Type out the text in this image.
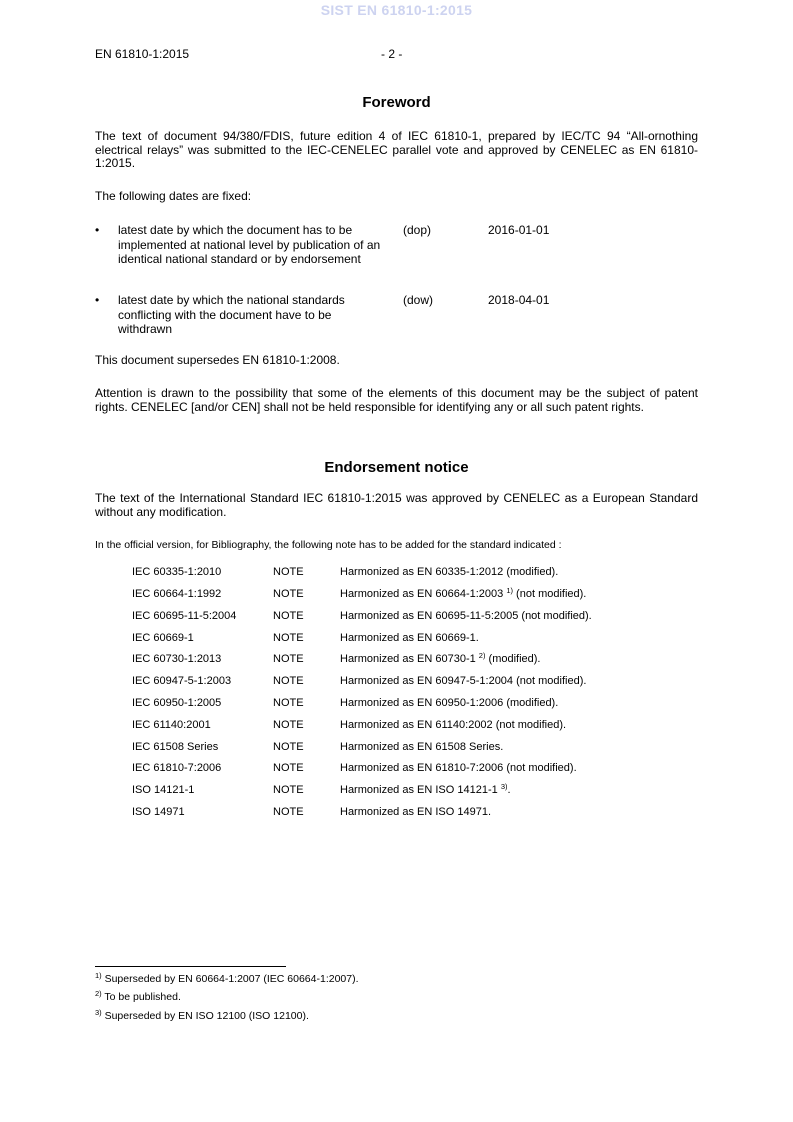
SIST EN 61810-1:2015
EN 61810-1:2015	- 2 -
Foreword
The text of document 94/380/FDIS, future edition 4 of IEC 61810-1, prepared by IEC/TC 94 “All-ornothing electrical relays” was submitted to the IEC-CENELEC parallel vote and approved by CENELEC as EN 61810-1:2015.
The following dates are fixed:
• latest date by which the document has to be implemented at national level by publication of an identical national standard or by endorsement
(dop)	2016-01-01
• latest date by which the national standards conflicting with the document have to be withdrawn
(dow)	2018-04-01
This document supersedes EN 61810-1:2008.
Attention is drawn to the possibility that some of the elements of this document may be the subject of patent rights. CENELEC [and/or CEN] shall not be held responsible for identifying any or all such patent rights.
Endorsement notice
The text of the International Standard IEC 61810-1:2015 was approved by CENELEC as a European Standard without any modification.
In the official version, for Bibliography, the following note has to be added for the standard indicated :
IEC 60335-1:2010	NOTE	Harmonized as EN 60335-1:2012 (modified).
IEC 60664-1:1992	NOTE	Harmonized as EN 60664-1:2003 $^{1)}$ (not modified).
IEC 60695-11-5:2004	NOTE	Harmonized as EN 60695-11-5:2005 (not modified).
IEC 60669-1	NOTE	Harmonized as EN 60669-1.
IEC 60730-1:2013	NOTE	Harmonized as EN 60730-1 $^{2)}$ (modified).
IEC 60947-5-1:2003	NOTE	Harmonized as EN 60947-5-1:2004 (not modified).
IEC 60950-1:2005	NOTE	Harmonized as EN 60950-1:2006 (modified).
IEC 61140:2001	NOTE	Harmonized as EN 61140:2002 (not modified).
IEC 61508 Series	NOTE	Harmonized as EN 61508 Series.
IEC 61810-7:2006	NOTE	Harmonized as EN 61810-7:2006 (not modified).
ISO 14121-1	NOTE	Harmonized as EN ISO 14121-1 $^{3)}$.
ISO 14971	NOTE	Harmonized as EN ISO 14971.
$^{1)}$ Superseded by EN 60664-1:2007 (IEC 60664-1:2007).
$^{2)}$ To be published.
$^{3)}$ Superseded by EN ISO 12100 (ISO 12100).
